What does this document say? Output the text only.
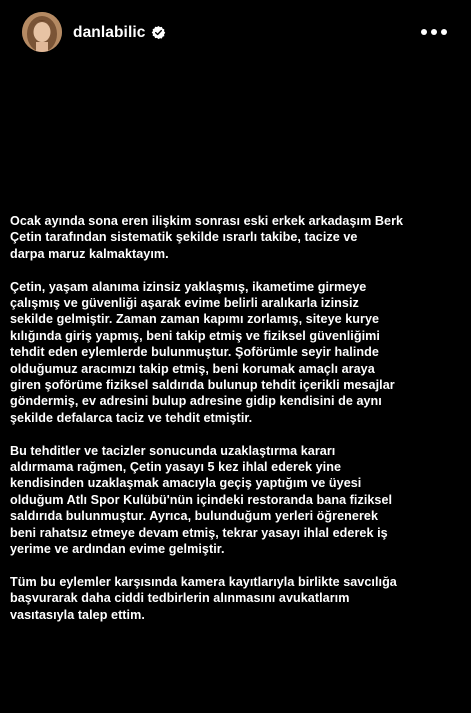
danlabilic

Ocak ayında sona eren ilişkim sonrası eski erkek arkadaşım Berk
Çetin tarafından sistematik şekilde ısrarlı takibe, tacize ve
darpa maruz kalmaktayım.

Çetin, yaşam alanıma izinsiz yaklaşmış, ikametime girmeye
çalışmış ve güvenliği aşarak evime belirli aralıkarla izinsiz
sekilde gelmiştir. Zaman zaman kapımı zorlamış, siteye kurye
kılığında giriş yapmış, beni takip etmiş ve fiziksel güvenliğimi
tehdit eden eylemlerde bulunmuştur. Şoförümle seyir halinde
olduğumuz aracımızı takip etmiş, beni korumak amaçlı araya
giren şoförüme fiziksel saldırıda bulunup tehdit içerikli mesajlar
göndermiş, ev adresini bulup adresine gidip kendisini de aynı
şekilde defalarca taciz ve tehdit etmiştir.

Bu tehditler ve tacizler sonucunda uzaklaştırma kararı
aldırmama rağmen, Çetin yasayı 5 kez ihlal ederek yine
kendisinden uzaklaşmak amacıyla geçiş yaptığım ve üyesi
olduğum Atlı Spor Kulübü'nün içindeki restoranda bana fiziksel
saldırıda bulunmuştur. Ayrıca, bulunduğum yerleri öğrenerek
beni rahatsız etmeye devam etmiş, tekrar yasayı ihlal ederek iş
yerime ve ardından evime gelmiştir.

Tüm bu eylemler karşısında kamera kayıtlarıyla birlikte savcılığa
başvurarak daha ciddi tedbirlerin alınmasını avukatlarım
vasıtasıyla talep ettim.
